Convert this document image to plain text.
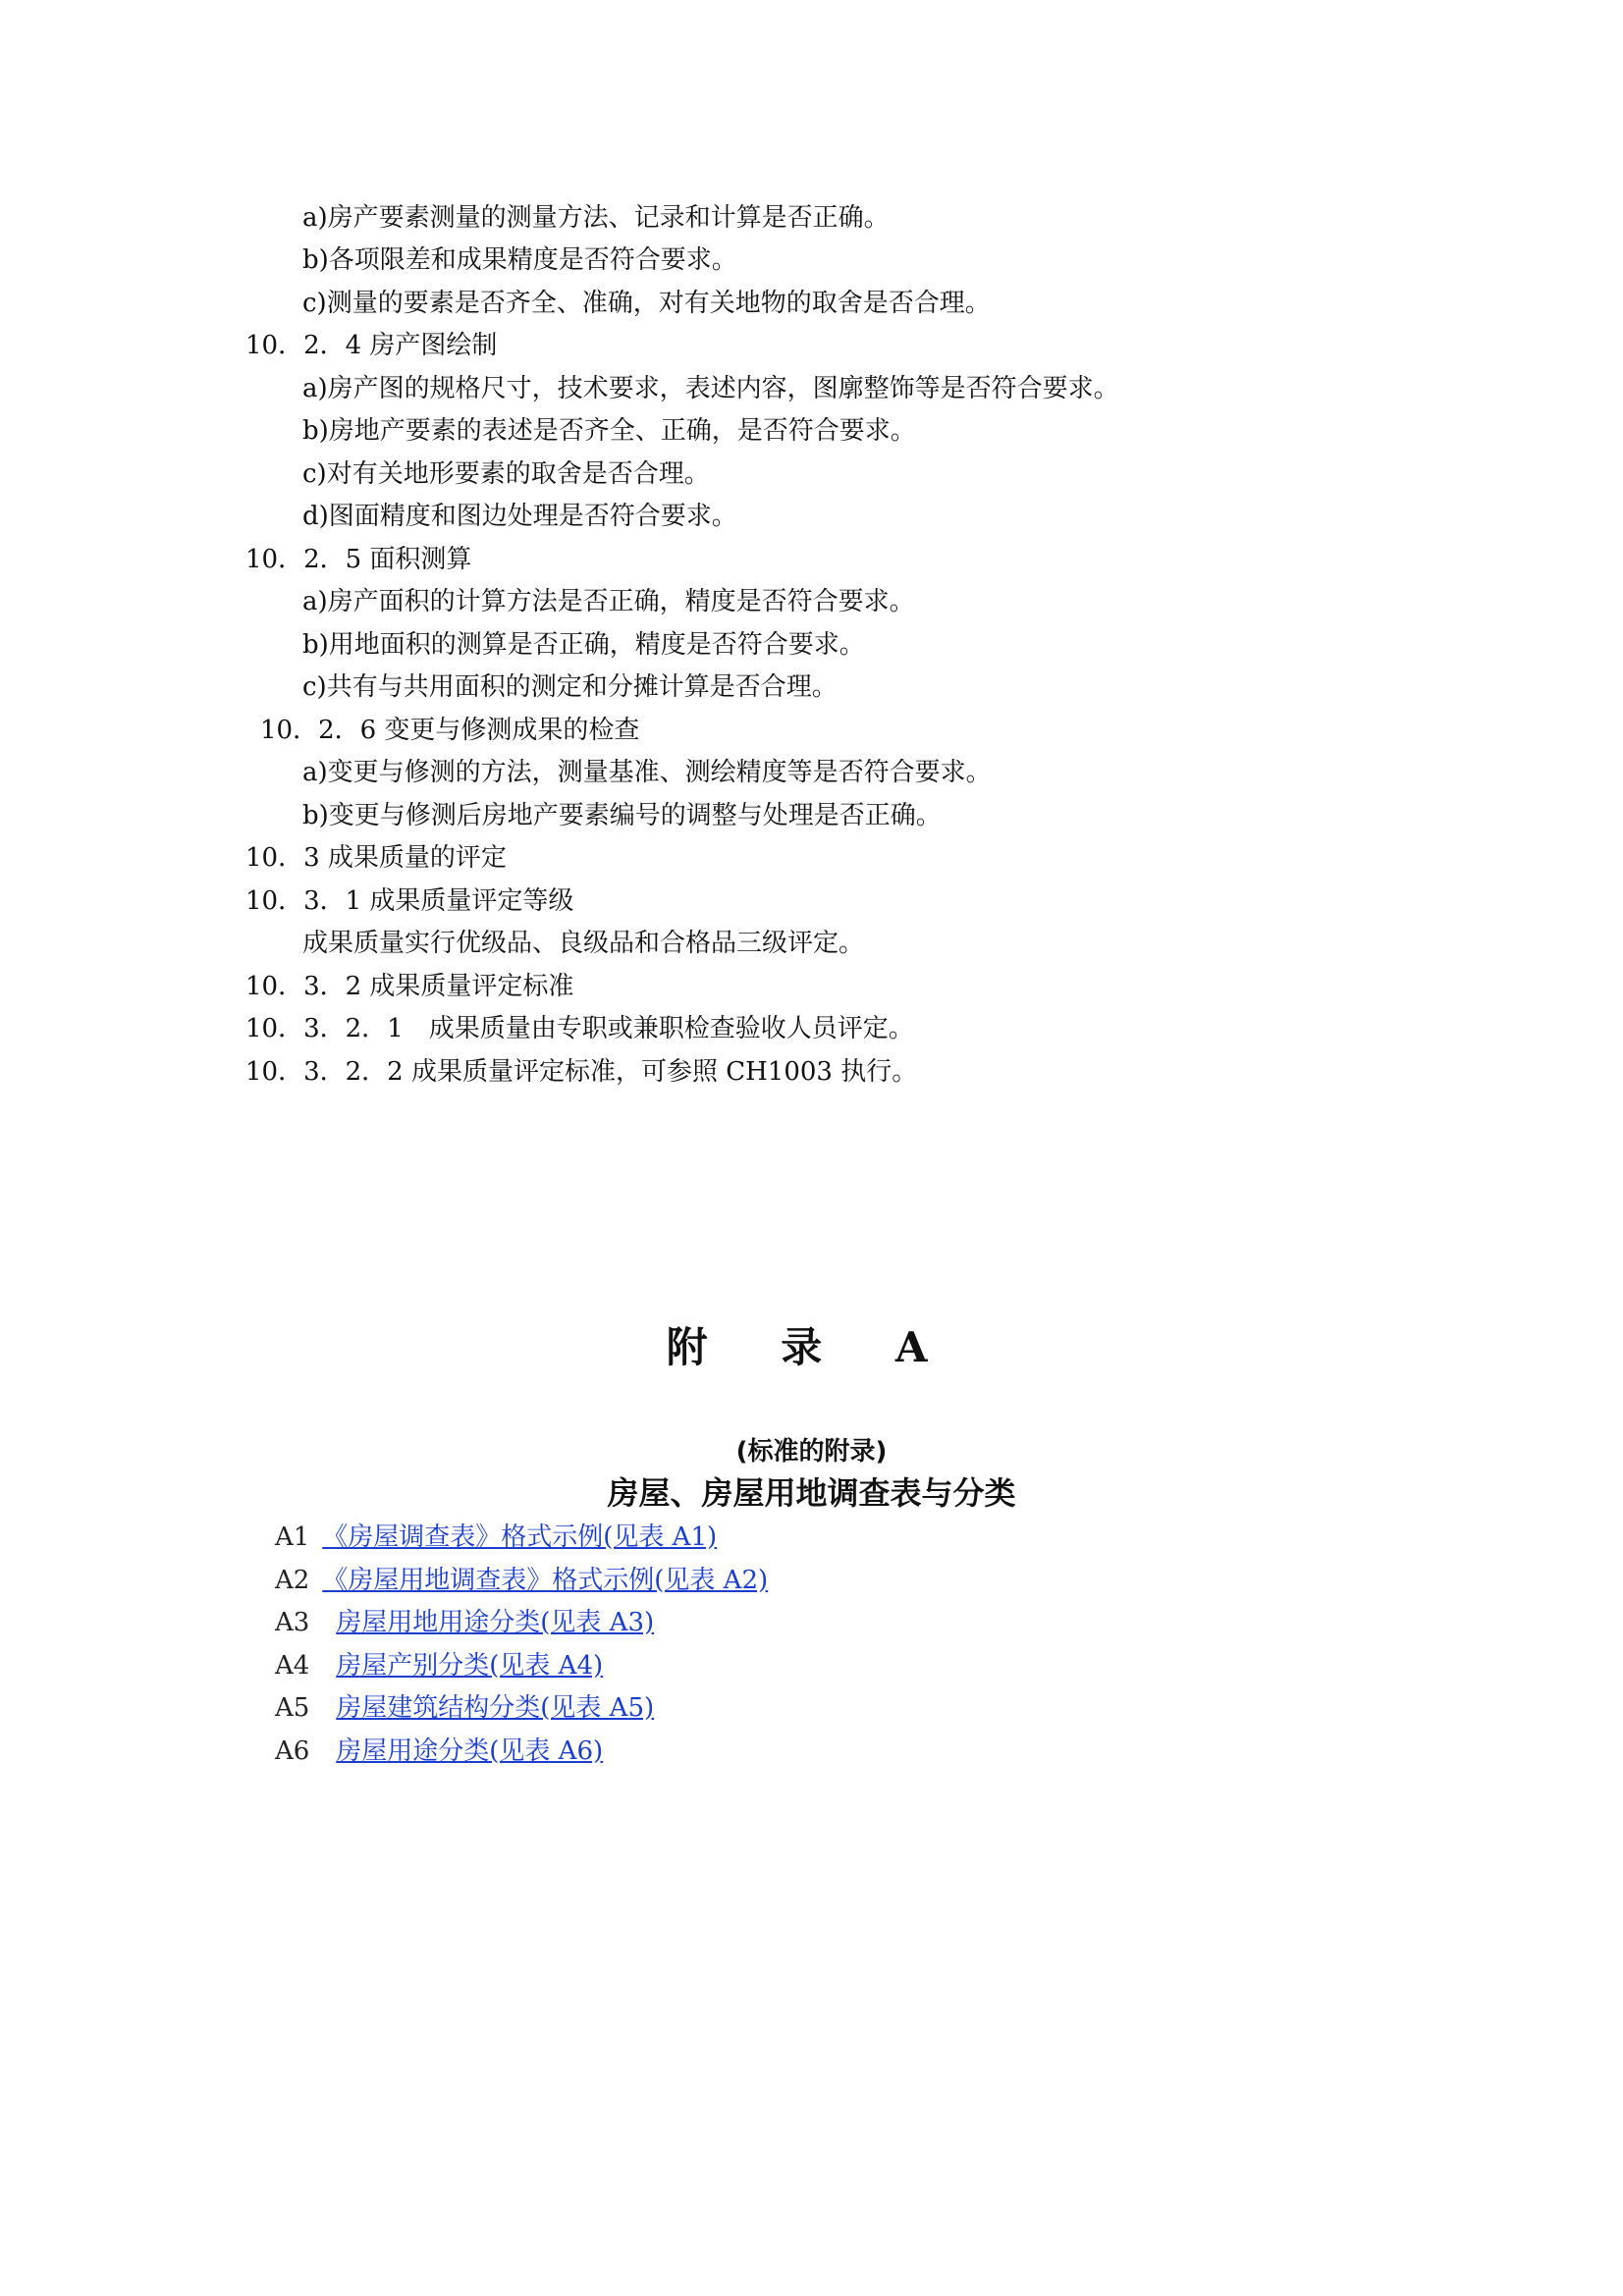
a)房产要素测量的测量方法、记录和计算是否正确。
b)各项限差和成果精度是否符合要求。
c)测量的要素是否齐全、准确，对有关地物的取舍是否合理。
10．2．4 房产图绘制
a)房产图的规格尺寸，技术要求，表述内容，图廓整饰等是否符合要求。
b)房地产要素的表述是否齐全、正确，是否符合要求。
c)对有关地形要素的取舍是否合理。
d)图面精度和图边处理是否符合要求。
10．2．5 面积测算
a)房产面积的计算方法是否正确，精度是否符合要求。
b)用地面积的测算是否正确，精度是否符合要求。
c)共有与共用面积的测定和分摊计算是否合理。
10．2．6 变更与修测成果的检查
a)变更与修测的方法，测量基准、测绘精度等是否符合要求。
b)变更与修测后房地产要素编号的调整与处理是否正确。
10．3 成果质量的评定
10．3．1 成果质量评定等级
成果质量实行优级品、良级品和合格品三级评定。
10．3．2 成果质量评定标准
10．3．2．1　成果质量由专职或兼职检查验收人员评定。
10．3．2．2 成果质量评定标准，可参照 CH1003 执行。
附 录 A
(标准的附录)
房屋、房屋用地调查表与分类
A1 《房屋调查表》格式示例(见表 A1)
A2 《房屋用地调查表》格式示例(见表 A2)
A3 房屋用地用途分类(见表 A3)
A4 房屋产别分类(见表 A4)
A5 房屋建筑结构分类(见表 A5)
A6 房屋用途分类(见表 A6)
